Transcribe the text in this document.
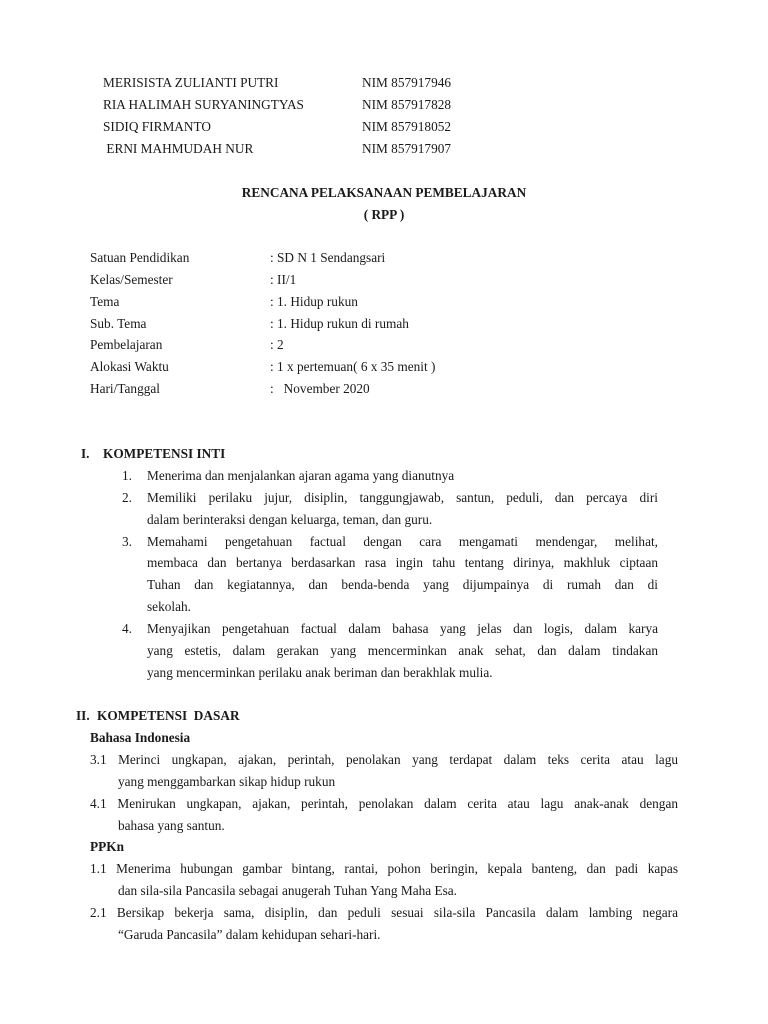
MERISISTA ZULIANTI PUTRI	NIM 857917946
RIA HALIMAH SURYANINGTYAS	NIM 857917828
SIDIQ FIRMANTO	NIM 857918052
ERNI MAHMUDAH NUR	NIM 857917907
RENCANA PELAKSANAAN PEMBELAJARAN
( RPP )
Satuan Pendidikan	: SD N 1 Sendangsari
Kelas/Semester	: II/1
Tema	: 1. Hidup rukun
Sub. Tema	: 1. Hidup rukun di rumah
Pembelajaran	: 2
Alokasi Waktu	: 1 x pertemuan( 6 x 35 menit )
Hari/Tanggal	:   November 2020
I. KOMPETENSI INTI
1. Menerima dan menjalankan ajaran agama yang dianutnya
2. Memiliki perilaku jujur, disiplin, tanggungjawab, santun, peduli, dan percaya diri
dalam berinteraksi dengan keluarga, teman, dan guru.
3. Memahami pengetahuan factual dengan cara mengamati mendengar, melihat,
membaca dan bertanya berdasarkan rasa ingin tahu tentang dirinya, makhluk ciptaan
Tuhan dan kegiatannya, dan benda-benda yang dijumpainya di rumah dan di
sekolah.
4. Menyajikan pengetahuan factual dalam bahasa yang jelas dan logis, dalam karya
yang estetis, dalam gerakan yang mencerminkan anak sehat, dan dalam tindakan
yang mencerminkan perilaku anak beriman dan berakhlak mulia.
II. KOMPETENSI  DASAR
Bahasa Indonesia
3.1 Merinci ungkapan, ajakan, perintah, penolakan yang terdapat dalam teks cerita atau lagu
yang menggambarkan sikap hidup rukun
4.1 Menirukan ungkapan, ajakan, perintah, penolakan dalam cerita atau lagu anak-anak dengan
bahasa yang santun.
PPKn
1.1 Menerima hubungan gambar bintang, rantai, pohon beringin, kepala banteng, dan padi kapas
dan sila-sila Pancasila sebagai anugerah Tuhan Yang Maha Esa.
2.1 Bersikap bekerja sama, disiplin, dan peduli sesuai sila-sila Pancasila dalam lambing negara
“Garuda Pancasila” dalam kehidupan sehari-hari.
